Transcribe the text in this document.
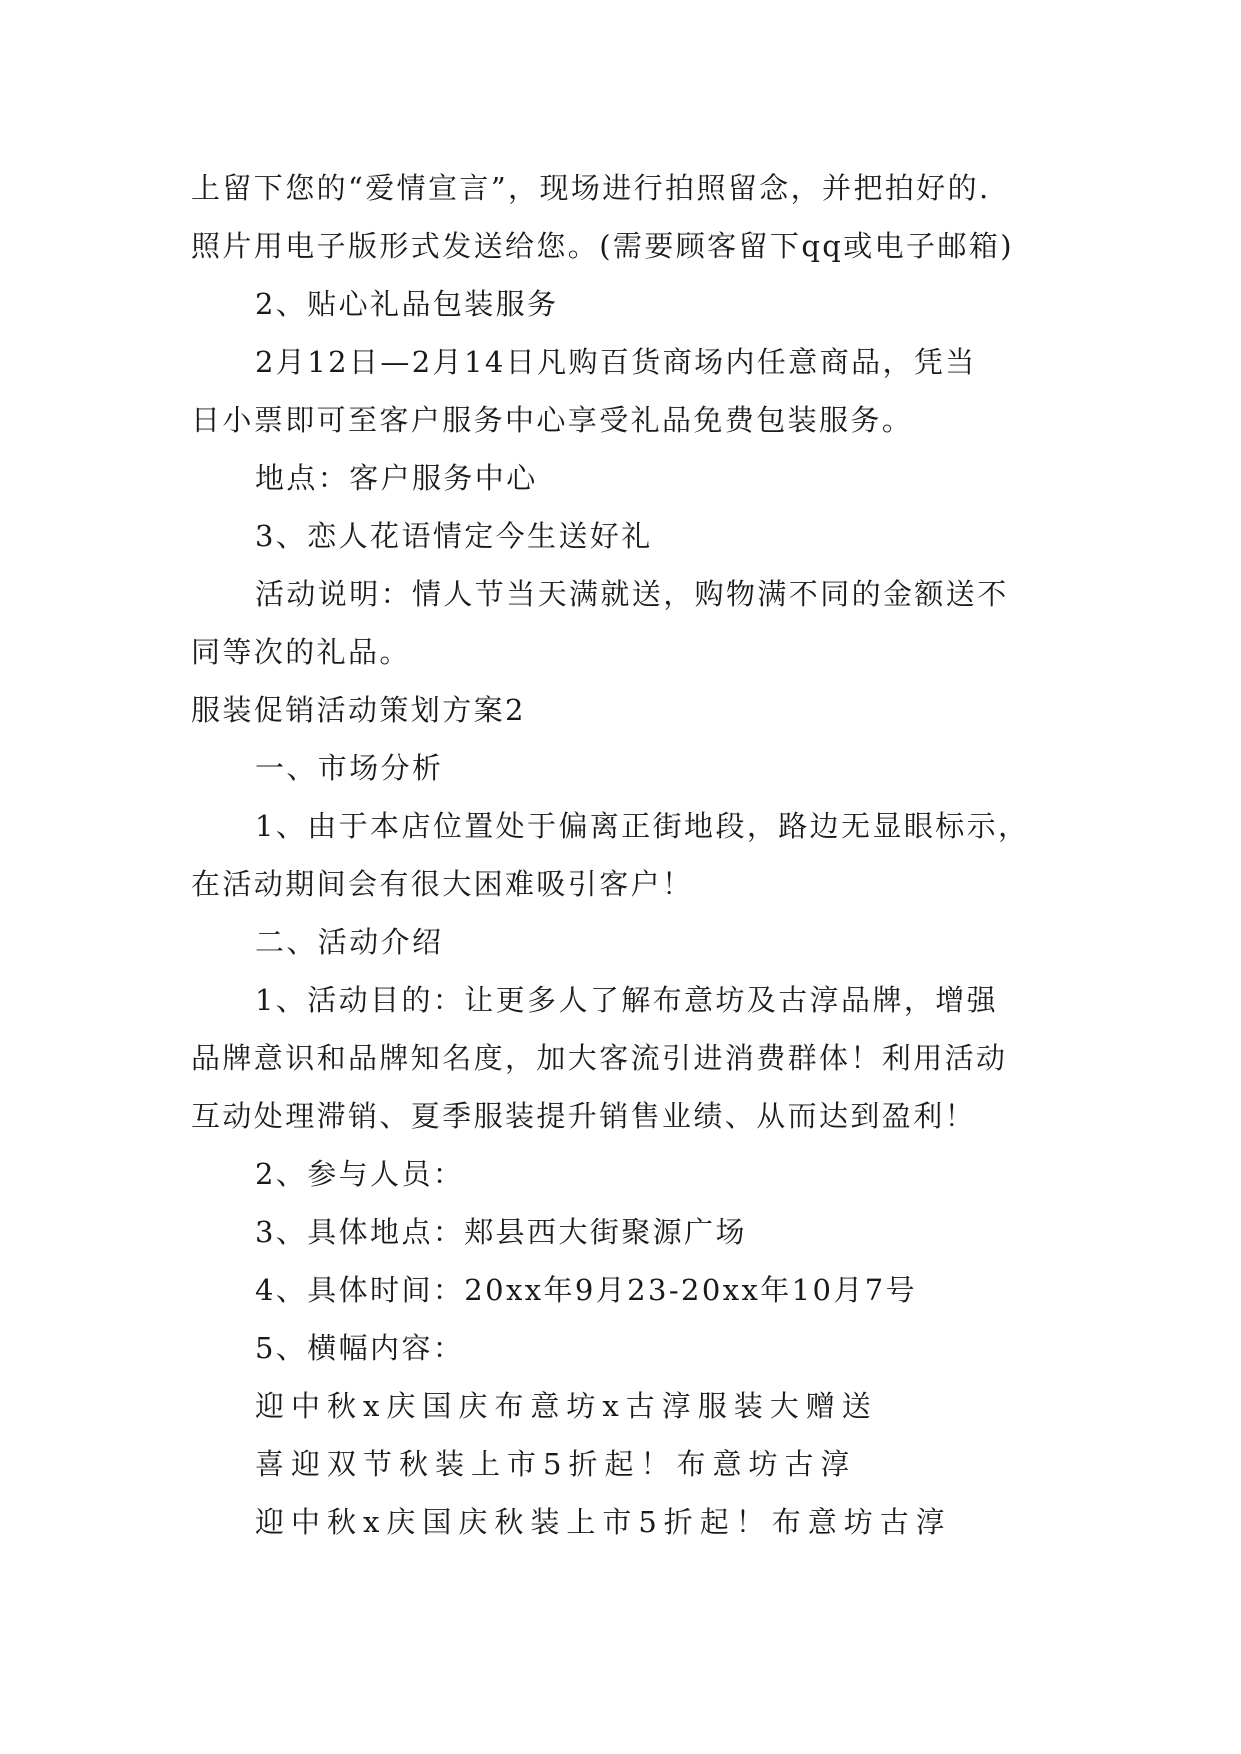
上留下您的“爱情宣言”，现场进行拍照留念，并把拍好的.

照片用电子版形式发送给您。(需要顾客留下qq或电子邮箱)

2、贴心礼品包装服务

2月12日—2月14日凡购百货商场内任意商品，凭当

日小票即可至客户服务中心享受礼品免费包装服务。

地点：客户服务中心

3、恋人花语情定今生送好礼

活动说明：情人节当天满就送，购物满不同的金额送不

同等次的礼品。

服装促销活动策划方案2

一、市场分析

1、由于本店位置处于偏离正街地段，路边无显眼标示，

在活动期间会有很大困难吸引客户！

二、活动介绍

1、活动目的：让更多人了解布意坊及古淳品牌，增强

品牌意识和品牌知名度，加大客流引进消费群体！利用活动

互动处理滞销、夏季服装提升销售业绩、从而达到盈利！

2、参与人员：

3、具体地点：郏县西大街聚源广场

4、具体时间：20xx年9月23-20xx年10月7号

5、横幅内容：

迎中秋x庆国庆布意坊x古淳服装大赠送

喜迎双节秋装上市5折起！布意坊古淳

迎中秋x庆国庆秋装上市5折起！布意坊古淳
